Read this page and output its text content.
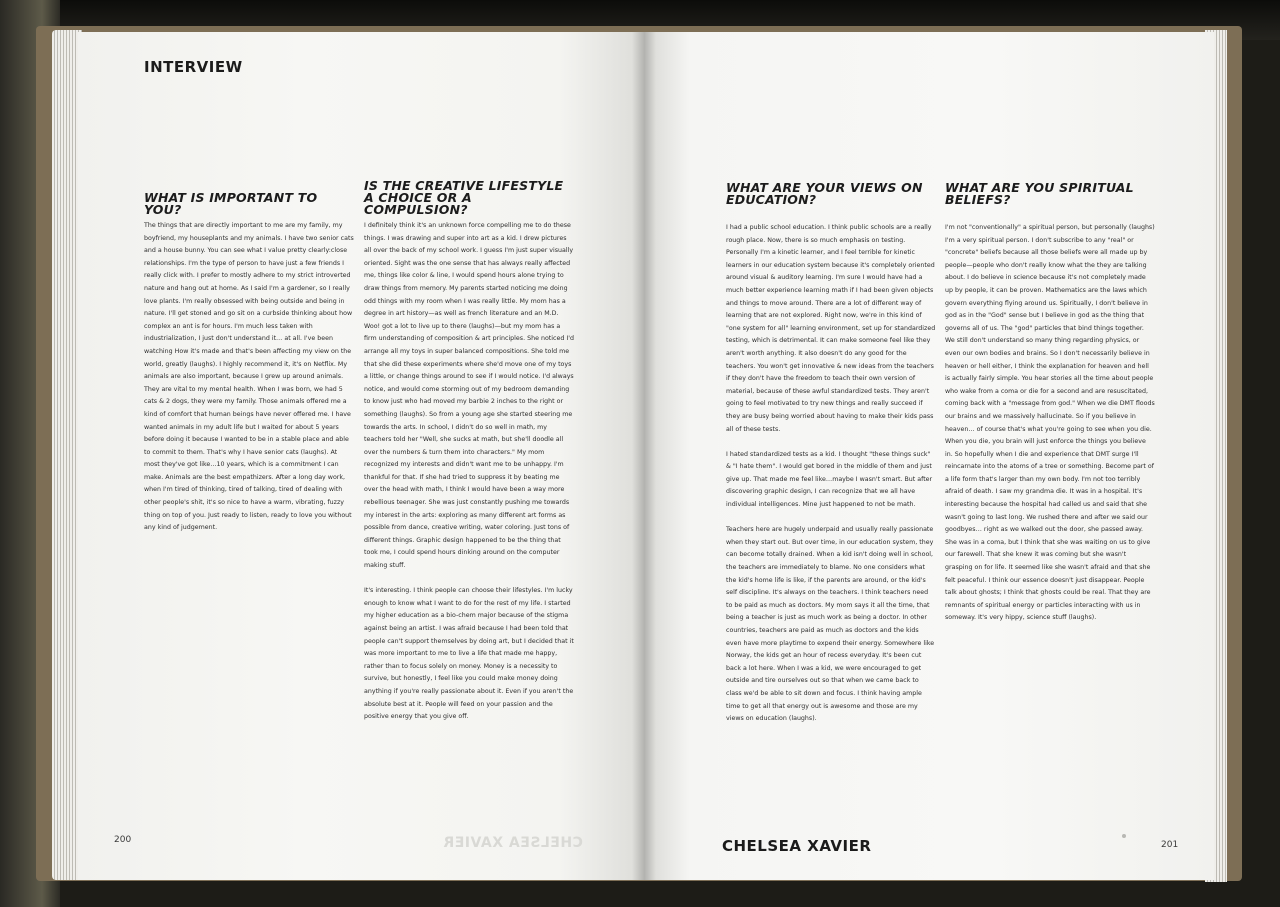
INTERVIEW
WHAT IS IMPORTANT TO YOU?

The things that are directly important to me are my family, my boyfriend, my houseplants and my animals. I have two senior cats and a house bunny. You can see what I value pretty clearly:close relationships. I'm the type of person to have just a few friends I really click with. I prefer to mostly adhere to my strict introverted nature and hang out at home. As I said I'm a gardener, so I really love plants. I'm really obsessed with being outside and being in nature. I'll get stoned and go sit on a curbside thinking about how complex an ant is for hours. I'm much less taken with industrialization, I just don't understand it… at all. I've been watching How it's made and that's been affecting my view on the world, greatly (laughs). I highly recommend it, it's on Netflix. My animals are also important, because I grew up around animals. They are vital to my mental health. When I was born, we had 5 cats & 2 dogs, they were my family. Those animals offered me a kind of comfort that human beings have never offered me. I have wanted animals in my adult life but I waited for about 5 years before doing it because I wanted to be in a stable place and able to commit to them. That's why I have senior cats (laughs). At most they've got like…10 years, which is a commitment I can make. Animals are the best empathizers. After a long day work, when I'm tired of thinking, tired of talking, tired of dealing with other people's shit, it's so nice to have a warm, vibrating, fuzzy thing on top of you. Just ready to listen, ready to love you without any kind of judgement.

IS THE CREATIVE LIFESTYLE A CHOICE OR A COMPULSION?

I definitely think it's an unknown force compelling me to do these things. I was drawing and super into art as a kid. I drew pictures all over the back of my school work. I guess I'm just super visually oriented. Sight was the one sense that has always really affected me, things like color & line, I would spend hours alone trying to draw things from memory. My parents started noticing me doing odd things with my room when I was really little. My mom has a degree in art history—as well as french literature and an M.D. Woo! got a lot to live up to there (laughs)—but my mom has a firm understanding of composition & art principles. She noticed I'd arrange all my toys in super balanced compositions. She told me that she did these experiments where she'd move one of my toys a little, or change things around to see if I would notice. I'd always notice, and would come storming out of my bedroom demanding to know just who had moved my barbie 2 inches to the right or something (laughs). So from a young age she started steering me towards the arts. In school, I didn't do so well in math, my teachers told her "Well, she sucks at math, but she'll doodle all over the numbers & turn them into characters." My mom recognized my interests and didn't want me to be unhappy. I'm thankful for that. If she had tried to suppress it by beating me over the head with math, I think I would have been a way more rebellious teenager. She was just constantly pushing me towards my interest in the arts: exploring as many different art forms as possible from dance, creative writing, water coloring. Just tons of different things. Graphic design happened to be the thing that took me, I could spend hours dinking around on the computer making stuff.

It's interesting. I think people can choose their lifestyles. I'm lucky enough to know what I want to do for the rest of my life. I started my higher education as a bio-chem major because of the stigma against being an artist. I was afraid because I had been told that people can't support themselves by doing art, but I decided that it was more important to me to live a life that made me happy, rather than to focus solely on money. Money is a necessity to survive, but honestly, I feel like you could make money doing anything if you're really passionate about it. Even if you aren't the absolute best at it. People will feed on your passion and the positive energy that you give off.

CHELSEA XAVIER
200
WHAT ARE YOUR VIEWS ON EDUCATION?

I had a public school education. I think public schools are a really rough place. Now, there is so much emphasis on testing. Personally I'm a kinetic learner, and I feel terrible for kinetic learners in our education system because it's completely oriented around visual & auditory learning. I'm sure I would have had a much better experience learning math if I had been given objects and things to move around. There are a lot of different way of learning that are not explored. Right now, we're in this kind of "one system for all" learning environment, set up for standardized testing, which is detrimental. It can make someone feel like they aren't worth anything. It also doesn't do any good for the teachers. You won't get innovative & new ideas from the teachers if they don't have the freedom to teach their own version of material, because of these awful standardized tests. They aren't going to feel motivated to try new things and really succeed if they are busy being worried about having to make their kids pass all of these tests.

I hated standardized tests as a kid. I thought "these things suck" & "I hate them". I would get bored in the middle of them and just give up. That made me feel like…maybe I wasn't smart. But after discovering graphic design, I can recognize that we all have individual intelligences. Mine just happened to not be math.

Teachers here are hugely underpaid and usually really passionate when they start out. But over time, in our education system, they can become totally drained. When a kid isn't doing well in school, the teachers are immediately to blame. No one considers what the kid's home life is like, if the parents are around, or the kid's self discipline. It's always on the teachers. I think teachers need to be paid as much as doctors. My mom says it all the time, that being a teacher is just as much work as being a doctor. In other countries, teachers are paid as much as doctors and the kids even have more playtime to expend their energy. Somewhere like Norway, the kids get an hour of recess everyday. It's been cut back a lot here. When I was a kid, we were encouraged to get outside and tire ourselves out so that when we came back to class we'd be able to sit down and focus. I think having ample time to get all that energy out is awesome and those are my views on education (laughs).

WHAT ARE YOU SPIRITUAL BELIEFS?

I'm not "conventionally" a spiritual person, but personally (laughs) I'm a very spiritual person. I don't subscribe to any "real" or "concrete" beliefs because all those beliefs were all made up by people—people who don't really know what the they are talking about. I do believe in science because it's not completely made up by people, it can be proven. Mathematics are the laws which govern everything flying around us. Spiritually, I don't believe in god as in the "God" sense but I believe in god as the thing that governs all of us. The "god" particles that bind things together. We still don't understand so many thing regarding physics, or even our own bodies and brains. So I don't necessarily believe in heaven or hell either, I think the explanation for heaven and hell is actually fairly simple. You hear stories all the time about people who wake from a coma or die for a second and are resuscitated, coming back with a "message from god." When we die DMT floods our brains and we massively hallucinate. So if you believe in heaven… of course that's what you're going to see when you die. When you die, you brain will just enforce the things you believe in. So hopefully when I die and experience that DMT surge I'll reincarnate into the atoms of a tree or something. Become part of a life form that's larger than my own body. I'm not too terribly afraid of death. I saw my grandma die. It was in a hospital. It's interesting because the hospital had called us and said that she wasn't going to last long. We rushed there and after we said our goodbyes… right as we walked out the door, she passed away. She was in a coma, but I think that she was waiting on us to give our farewell. That she knew it was coming but she wasn't grasping on for life. It seemed like she wasn't afraid and that she felt peaceful. I think our essence doesn't just disappear. People talk about ghosts; I think that ghosts could be real. That they are remnants of spiritual energy or particles interacting with us in someway. It's very hippy, science stuff (laughs).

CHELSEA XAVIER	201
